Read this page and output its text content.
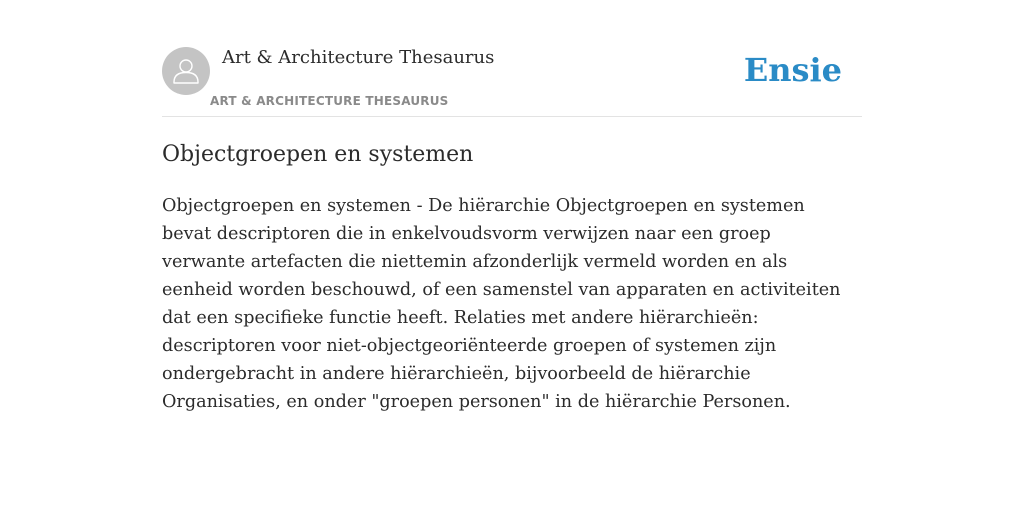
Art & Architecture Thesaurus
ART & ARCHITECTURE THESAURUS
Ensie
Objectgroepen en systemen

Objectgroepen en systemen - De hiërarchie Objectgroepen en systemen bevat descriptoren die in enkelvoudsvorm verwijzen naar een groep verwante artefacten die niettemin afzonderlijk vermeld worden en als eenheid worden beschouwd, of een samenstel van apparaten en activiteiten dat een specifieke functie heeft. Relaties met andere hiërarchieën: descriptoren voor niet-objectgeoriënteerde groepen of systemen zijn ondergebracht in andere hiërarchieën, bijvoorbeeld de hiërarchie Organisaties, en onder "groepen personen" in de hiërarchie Personen.
